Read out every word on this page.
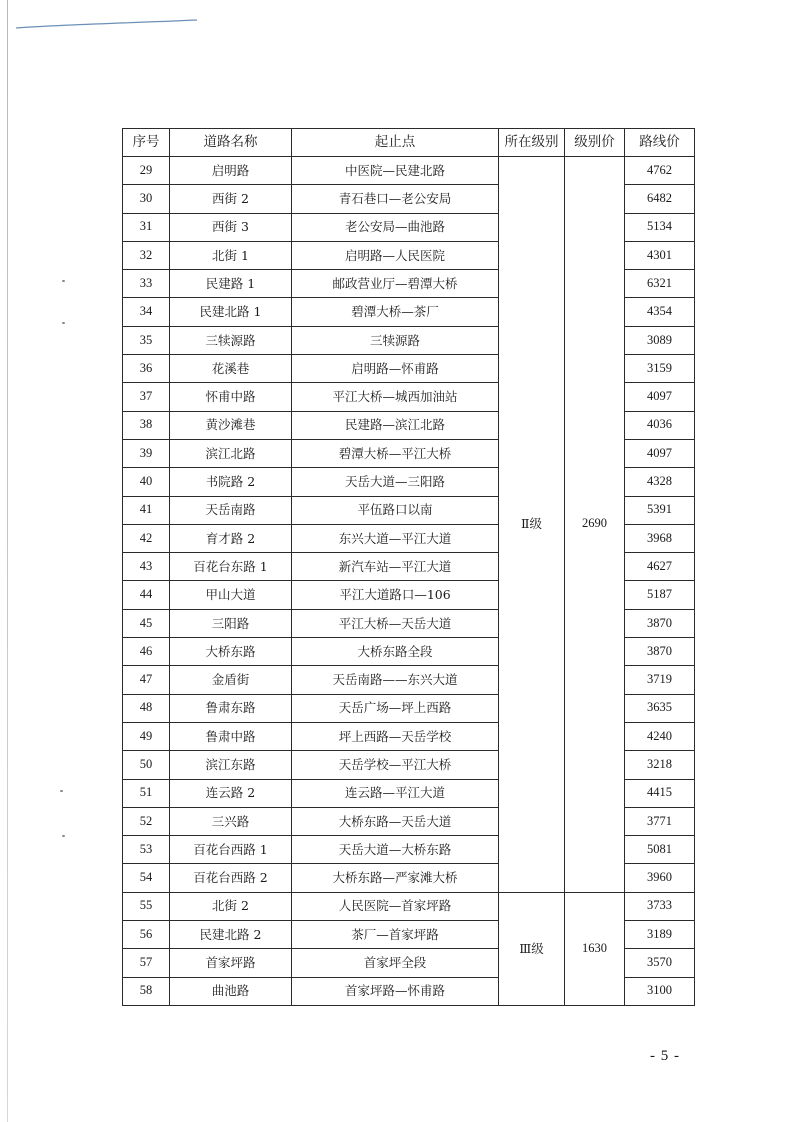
序号	道路名称	起止点	所在级别	级别价	路线价
29	启明路	中医院—民建北路	Ⅱ级	2690	4762
30	西街 2	青石巷口—老公安局			6482
31	西街 3	老公安局—曲池路			5134
32	北街 1	启明路—人民医院			4301
33	民建路 1	邮政营业厅—碧潭大桥			6321
34	民建北路 1	碧潭大桥—茶厂			4354
35	三犊源路	三犊源路			3089
36	花溪巷	启明路—怀甫路			3159
37	怀甫中路	平江大桥—城西加油站			4097
38	黄沙滩巷	民建路—滨江北路			4036
39	滨江北路	碧潭大桥—平江大桥			4097
40	书院路 2	天岳大道—三阳路			4328
41	天岳南路	平伍路口以南			5391
42	育才路 2	东兴大道—平江大道			3968
43	百花台东路 1	新汽车站—平江大道			4627
44	甲山大道	平江大道路口—106			5187
45	三阳路	平江大桥—天岳大道			3870
46	大桥东路	大桥东路全段			3870
47	金盾街	天岳南路——东兴大道			3719
48	鲁肃东路	天岳广场—坪上西路			3635
49	鲁肃中路	坪上西路—天岳学校			4240
50	滨江东路	天岳学校—平江大桥			3218
51	连云路 2	连云路—平江大道			4415
52	三兴路	大桥东路—天岳大道			3771
53	百花台西路 1	天岳大道—大桥东路			5081
54	百花台西路 2	大桥东路—严家滩大桥			3960
55	北街 2	人民医院—首家坪路	Ⅲ级	1630	3733
56	民建北路 2	茶厂—首家坪路			3189
57	首家坪路	首家坪全段			3570
58	曲池路	首家坪路—怀甫路			3100
- 5 -
